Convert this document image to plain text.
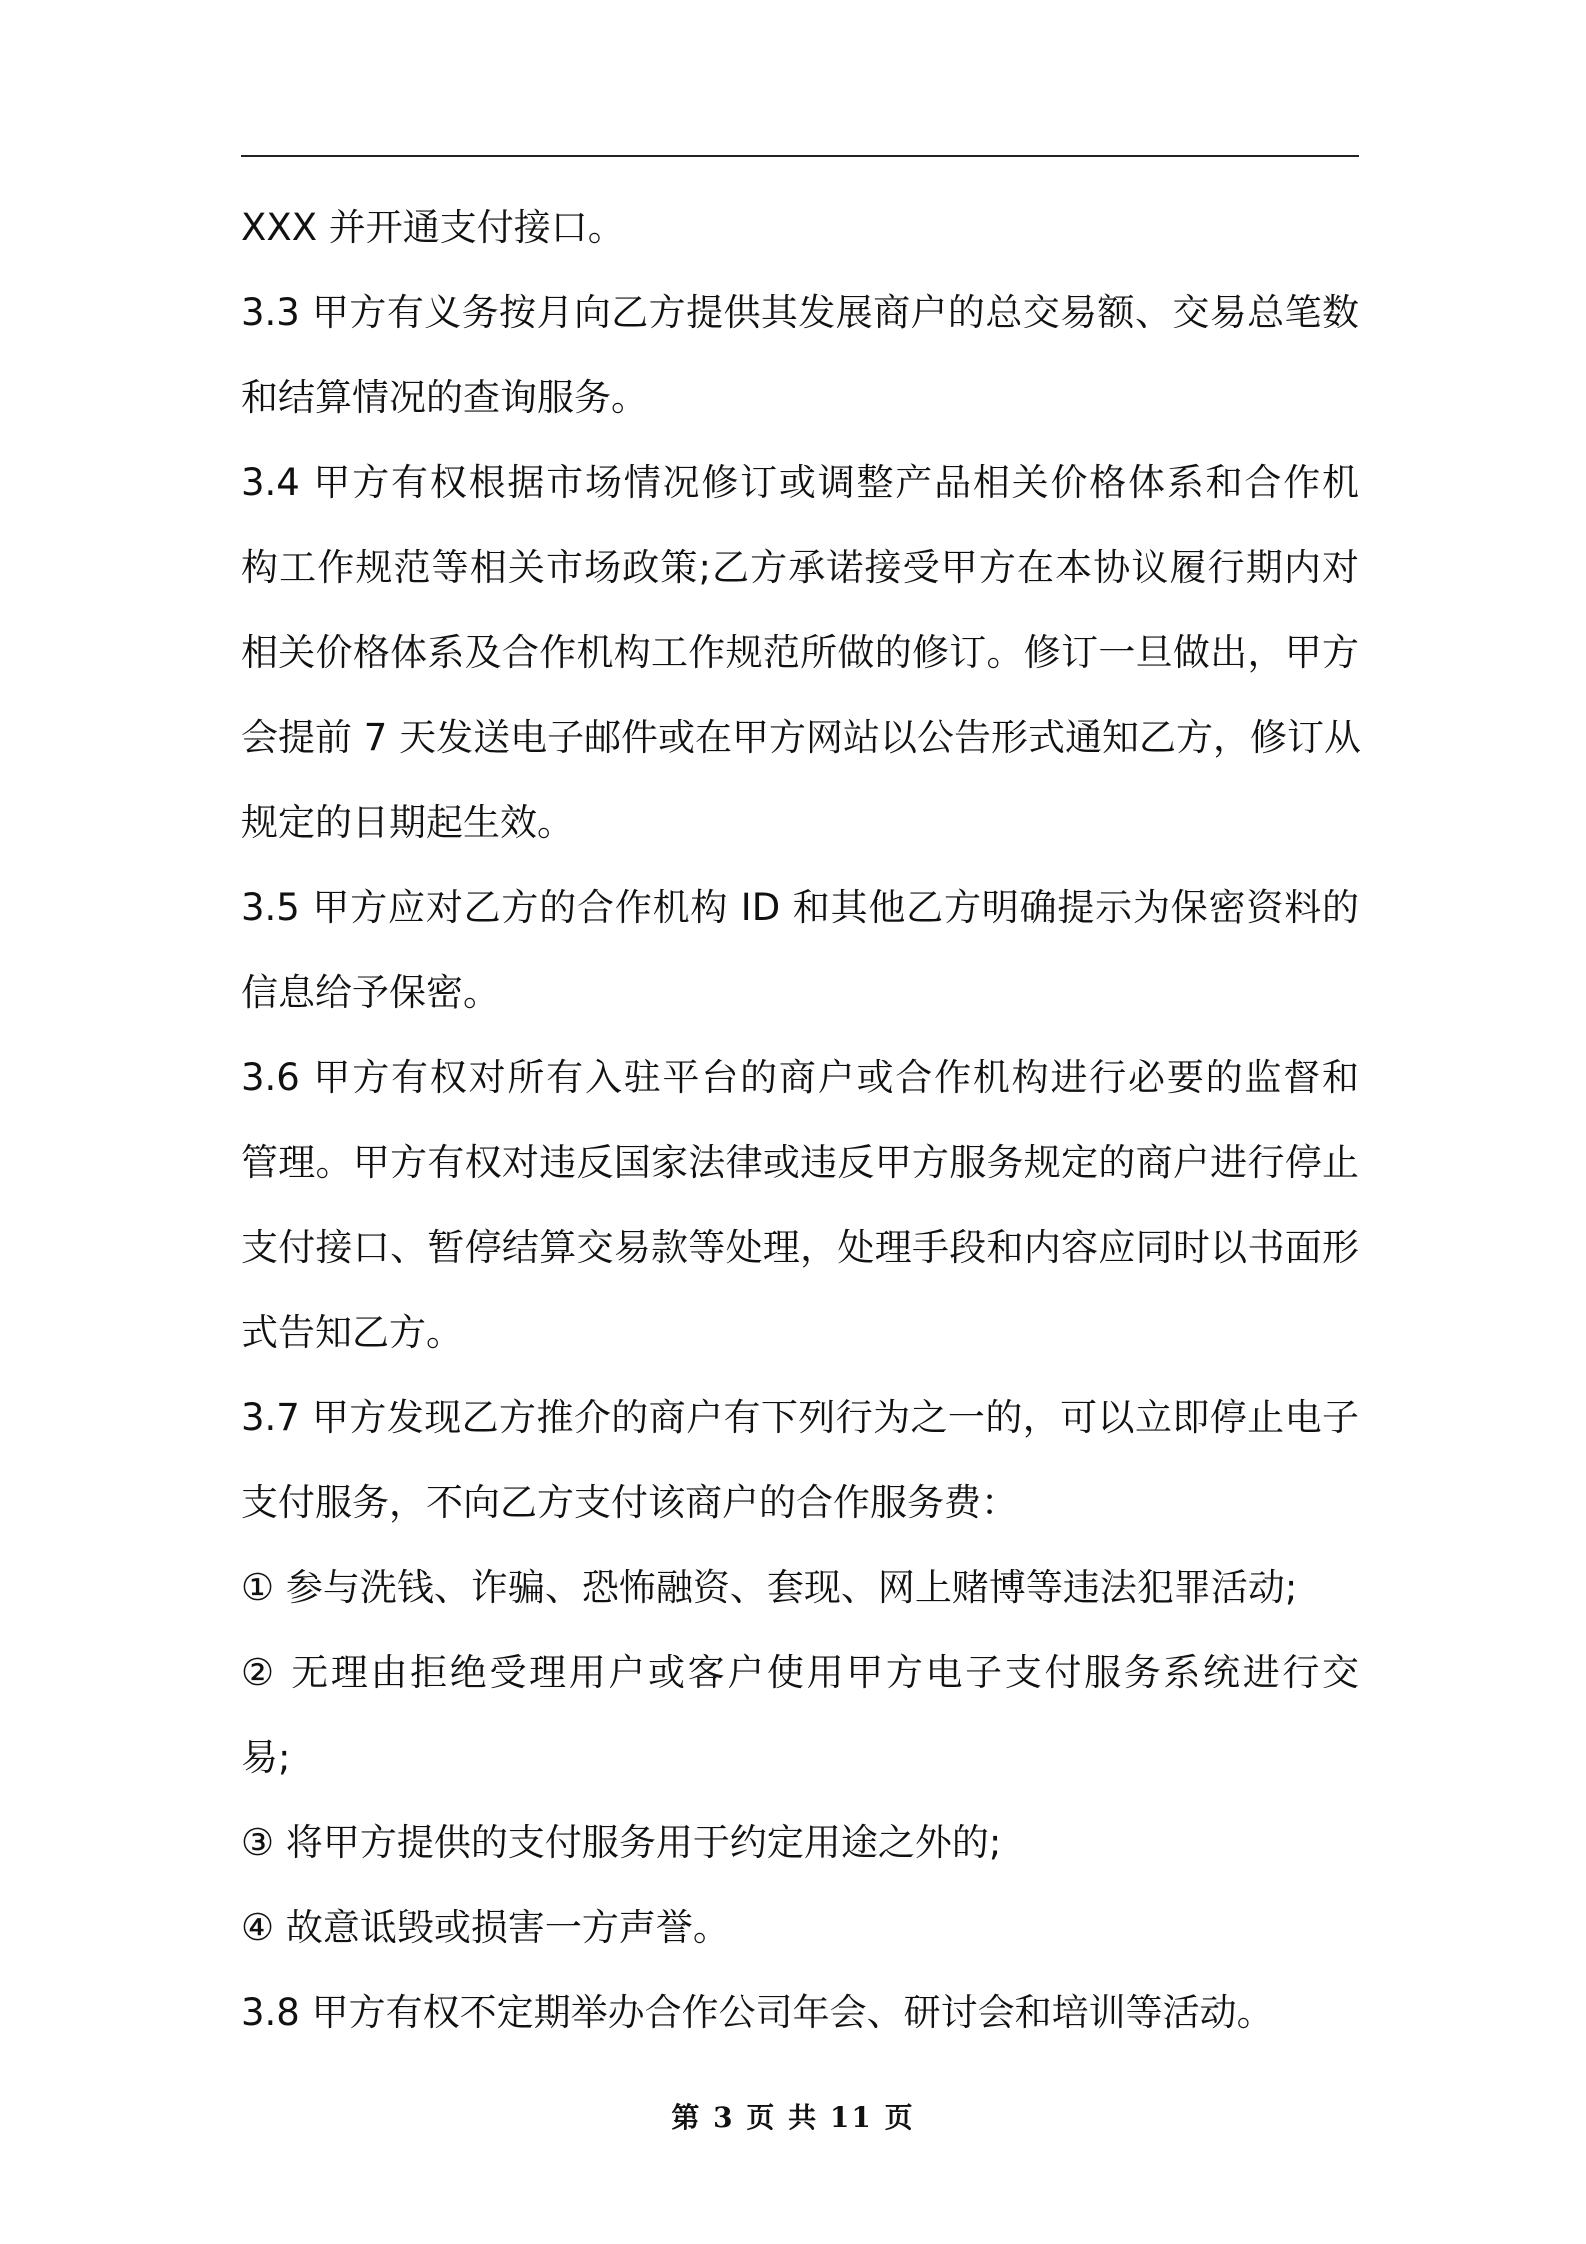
XXX 并开通支付接口。
3.3 甲方有义务按月向乙方提供其发展商户的总交易额、交易总笔数
和结算情况的查询服务。
3.4 甲方有权根据市场情况修订或调整产品相关价格体系和合作机
构工作规范等相关市场政策;乙方承诺接受甲方在本协议履行期内对
相关价格体系及合作机构工作规范所做的修订。修订一旦做出，甲方
会提前 7 天发送电子邮件或在甲方网站以公告形式通知乙方，修订从
规定的日期起生效。
3.5 甲方应对乙方的合作机构 ID 和其他乙方明确提示为保密资料的
信息给予保密。
3.6 甲方有权对所有入驻平台的商户或合作机构进行必要的监督和
管理。甲方有权对违反国家法律或违反甲方服务规定的商户进行停止
支付接口、暂停结算交易款等处理，处理手段和内容应同时以书面形
式告知乙方。
3.7 甲方发现乙方推介的商户有下列行为之一的，可以立即停止电子
支付服务，不向乙方支付该商户的合作服务费：
① 参与洗钱、诈骗、恐怖融资、套现、网上赌博等违法犯罪活动;
② 无理由拒绝受理用户或客户使用甲方电子支付服务系统进行交
易;
③ 将甲方提供的支付服务用于约定用途之外的;
④ 故意诋毁或损害一方声誉。
3.8 甲方有权不定期举办合作公司年会、研讨会和培训等活动。
第 3 页 共 11 页
